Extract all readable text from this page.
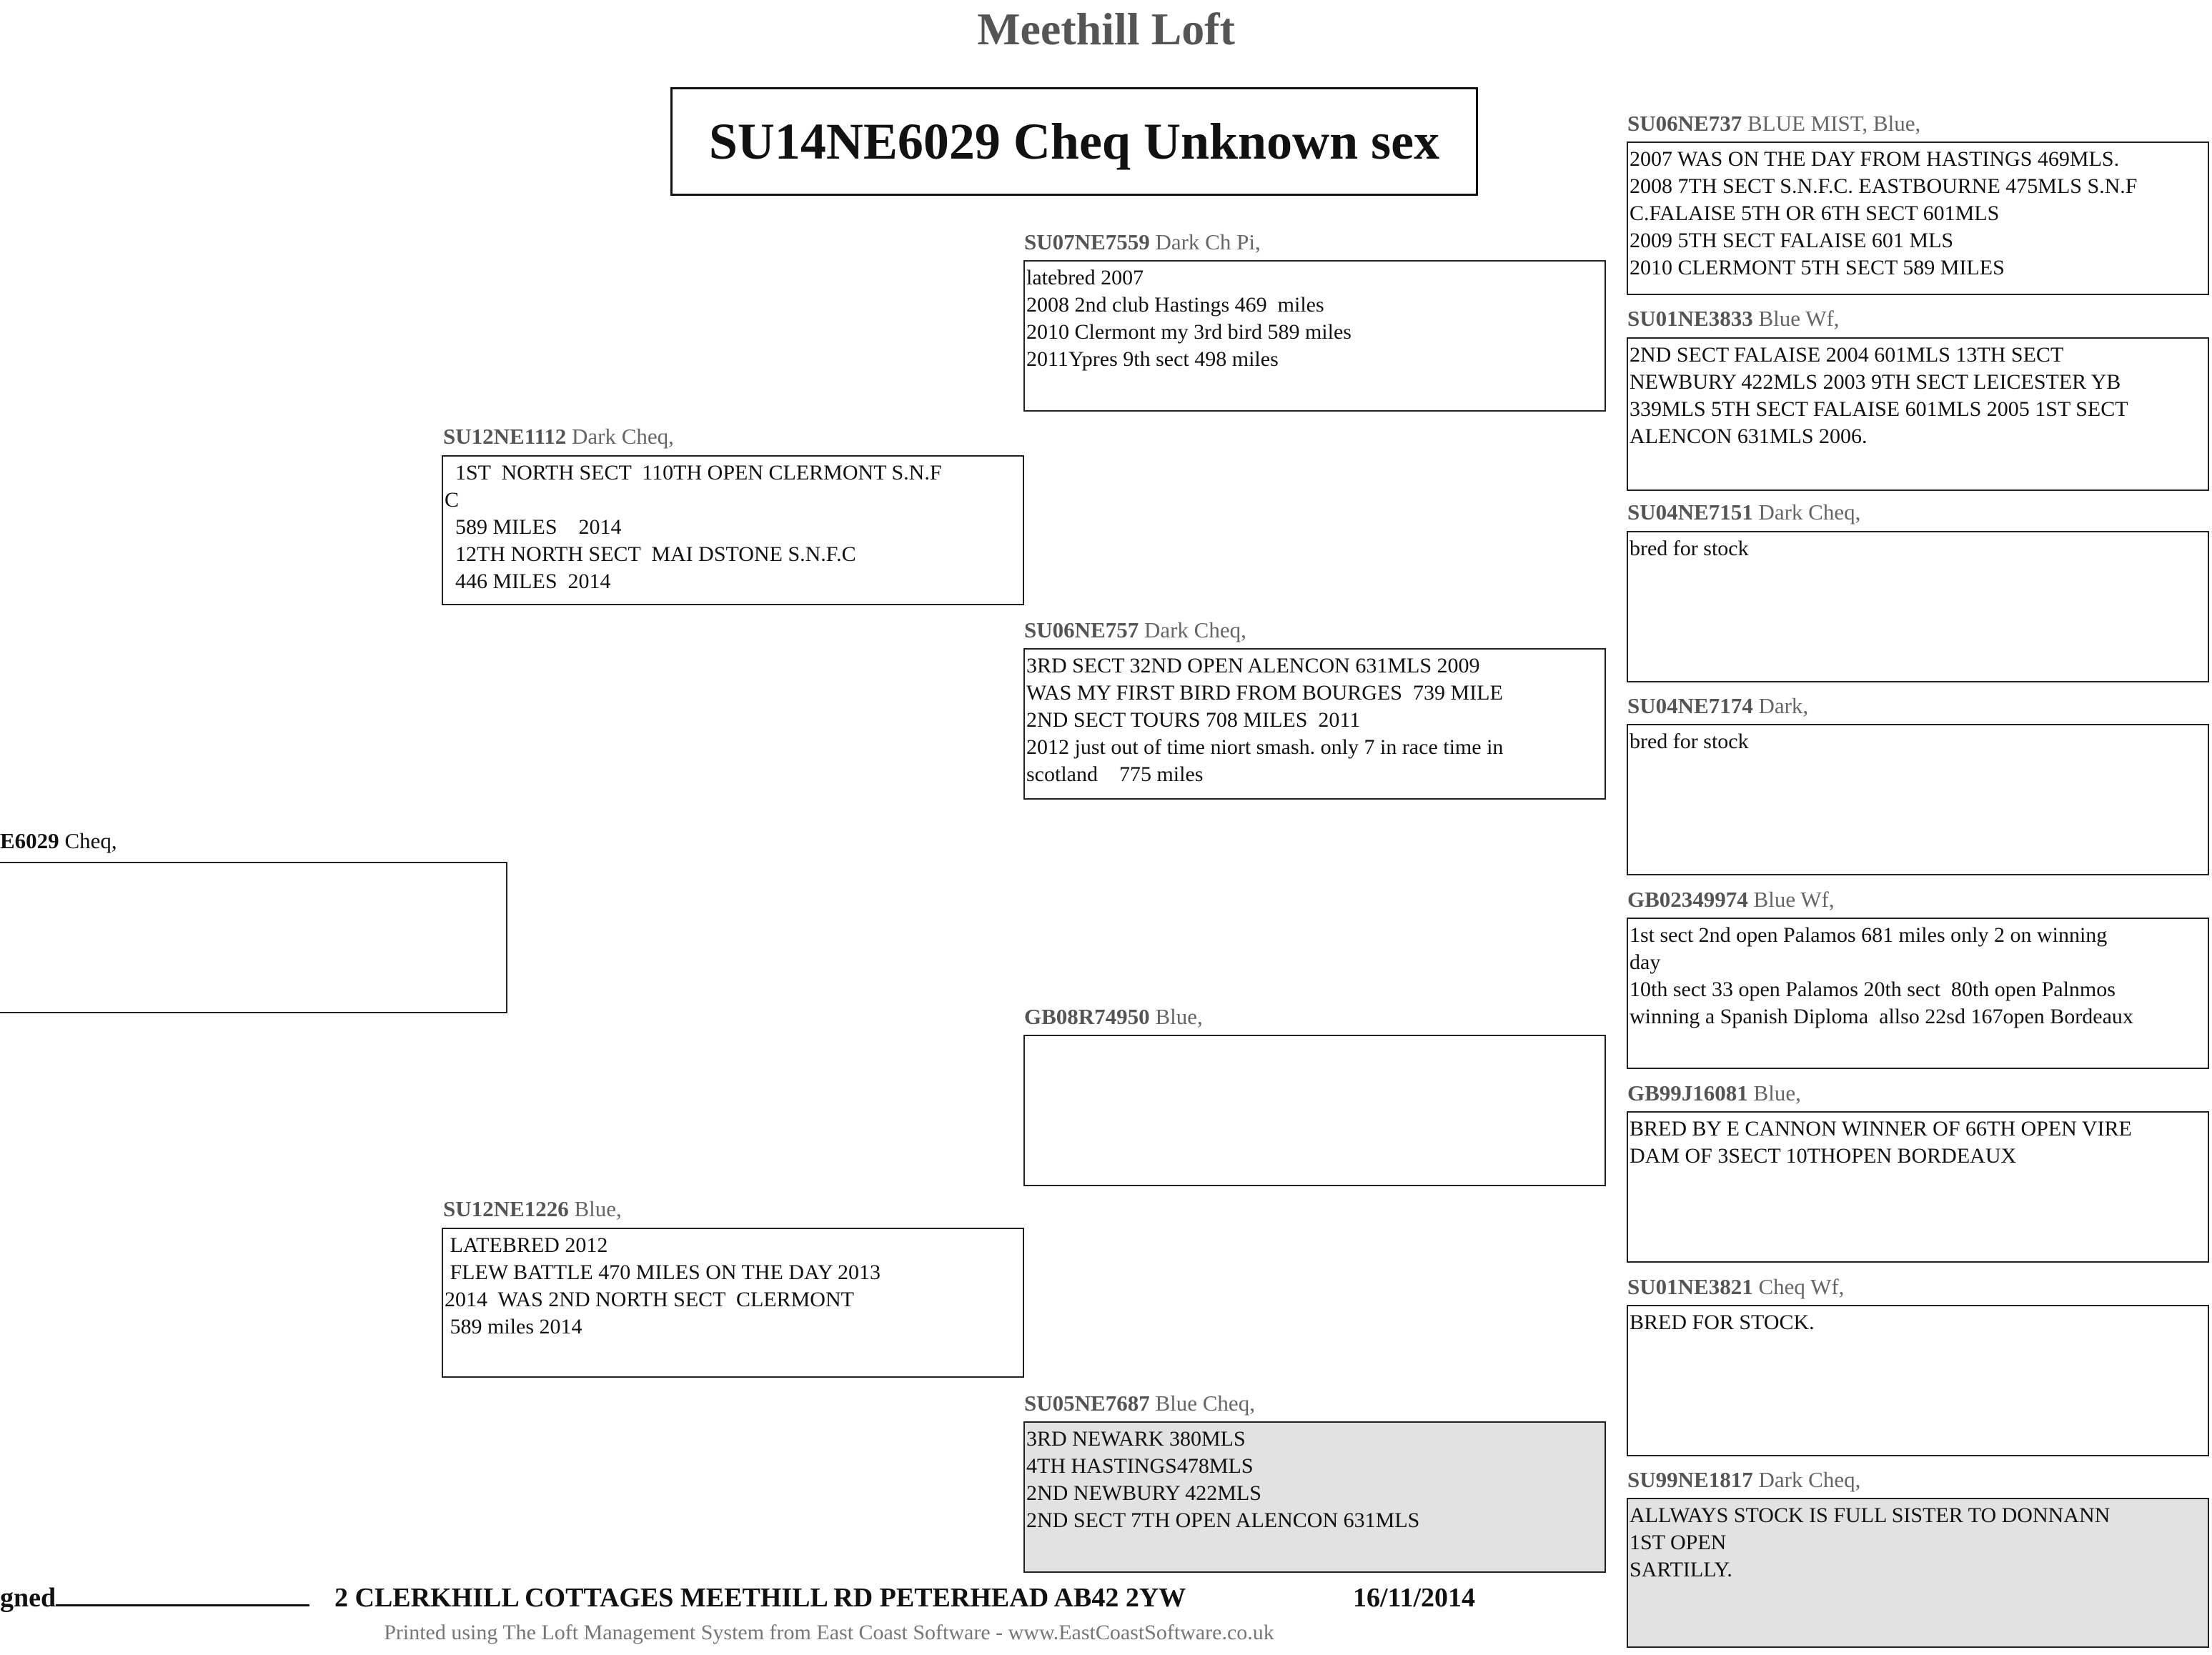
Meethill Loft
SU14NE6029 Cheq Unknown sex
E6029 Cheq,
SU12NE1112 Dark Cheq,
1ST  NORTH SECT  110TH OPEN CLERMONT S.N.F
C
589 MILES    2014
12TH NORTH SECT  MAI DSTONE S.N.F.C
446 MILES  2014
SU12NE1226 Blue,
LATEBRED 2012
FLEW BATTLE 470 MILES ON THE DAY 2013
2014  WAS 2ND NORTH SECT  CLERMONT
589 miles 2014
SU07NE7559 Dark Ch Pi,
latebred 2007
2008 2nd club Hastings 469  miles
2010 Clermont my 3rd bird 589 miles
2011Ypres 9th sect 498 miles
SU06NE757 Dark Cheq,
3RD SECT 32ND OPEN ALENCON 631MLS 2009
WAS MY FIRST BIRD FROM BOURGES  739 MILE
2ND SECT TOURS 708 MILES  2011
2012 just out of time niort smash. only 7 in race time in
scotland    775 miles
GB08R74950 Blue,
SU05NE7687 Blue Cheq,
3RD NEWARK 380MLS
4TH HASTINGS478MLS
2ND NEWBURY 422MLS
2ND SECT 7TH OPEN ALENCON 631MLS
SU06NE737 BLUE MIST, Blue,
2007 WAS ON THE DAY FROM HASTINGS 469MLS.
2008 7TH SECT S.N.F.C. EASTBOURNE 475MLS S.N.F
C.FALAISE 5TH OR 6TH SECT 601MLS
2009 5TH SECT FALAISE 601 MLS
2010 CLERMONT 5TH SECT 589 MILES
SU01NE3833 Blue Wf,
2ND SECT FALAISE 2004 601MLS 13TH SECT
NEWBURY 422MLS 2003 9TH SECT LEICESTER YB
339MLS 5TH SECT FALAISE 601MLS 2005 1ST SECT
ALENCON 631MLS 2006.
SU04NE7151 Dark Cheq,
bred for stock
SU04NE7174 Dark,
bred for stock
GB02349974 Blue Wf,
1st sect 2nd open Palamos 681 miles only 2 on winning
day
10th sect 33 open Palamos 20th sect  80th open Palnmos
winning a Spanish Diploma  allso 22sd 167open Bordeaux
GB99J16081 Blue,
BRED BY E CANNON WINNER OF 66TH OPEN VIRE
DAM OF 3SECT 10THOPEN BORDEAUX
SU01NE3821 Cheq Wf,
BRED FOR STOCK.
SU99NE1817 Dark Cheq,
ALLWAYS STOCK IS FULL SISTER TO DONNANN
1ST OPEN
SARTILLY.
gned	2 CLERKHILL COTTAGES MEETHILL RD PETERHEAD AB42 2YW	16/11/2014
Printed using The Loft Management System from East Coast Software - www.EastCoastSoftware.co.uk
